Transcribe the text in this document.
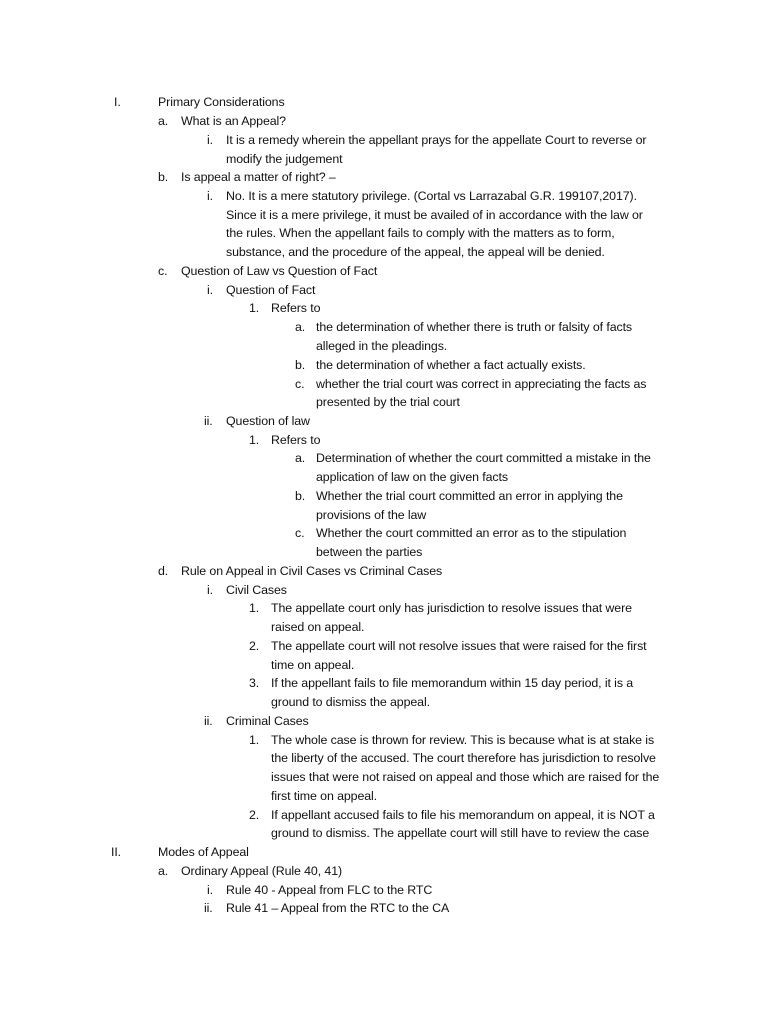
I.	Primary Considerations
a. What is an Appeal?
i. It is a remedy wherein the appellant prays for the appellate Court to reverse or
modify the judgement
b. Is appeal a matter of right? –
i. No. It is a mere statutory privilege. (Cortal vs Larrazabal G.R. 199107,2017).
Since it is a mere privilege, it must be availed of in accordance with the law or
the rules. When the appellant fails to comply with the matters as to form,
substance, and the procedure of the appeal, the appeal will be denied.
c. Question of Law vs Question of Fact
i. Question of Fact
1. Refers to
a. the determination of whether there is truth or falsity of facts
alleged in the pleadings.
b. the determination of whether a fact actually exists.
c. whether the trial court was correct in appreciating the facts as
presented by the trial court
ii. Question of law
1. Refers to
a. Determination of whether the court committed a mistake in the
application of law on the given facts
b. Whether the trial court committed an error in applying the
provisions of the law
c. Whether the court committed an error as to the stipulation
between the parties
d. Rule on Appeal in Civil Cases vs Criminal Cases
i. Civil Cases
1. The appellate court only has jurisdiction to resolve issues that were
raised on appeal.
2. The appellate court will not resolve issues that were raised for the first
time on appeal.
3. If the appellant fails to file memorandum within 15 day period, it is a
ground to dismiss the appeal.
ii. Criminal Cases
1. The whole case is thrown for review. This is because what is at stake is
the liberty of the accused. The court therefore has jurisdiction to resolve
issues that were not raised on appeal and those which are raised for the
first time on appeal.
2. If appellant accused fails to file his memorandum on appeal, it is NOT a
ground to dismiss. The appellate court will still have to review the case
II.	Modes of Appeal
a. Ordinary Appeal (Rule 40, 41)
i. Rule 40 - Appeal from FLC to the RTC
ii. Rule 41 – Appeal from the RTC to the CA
